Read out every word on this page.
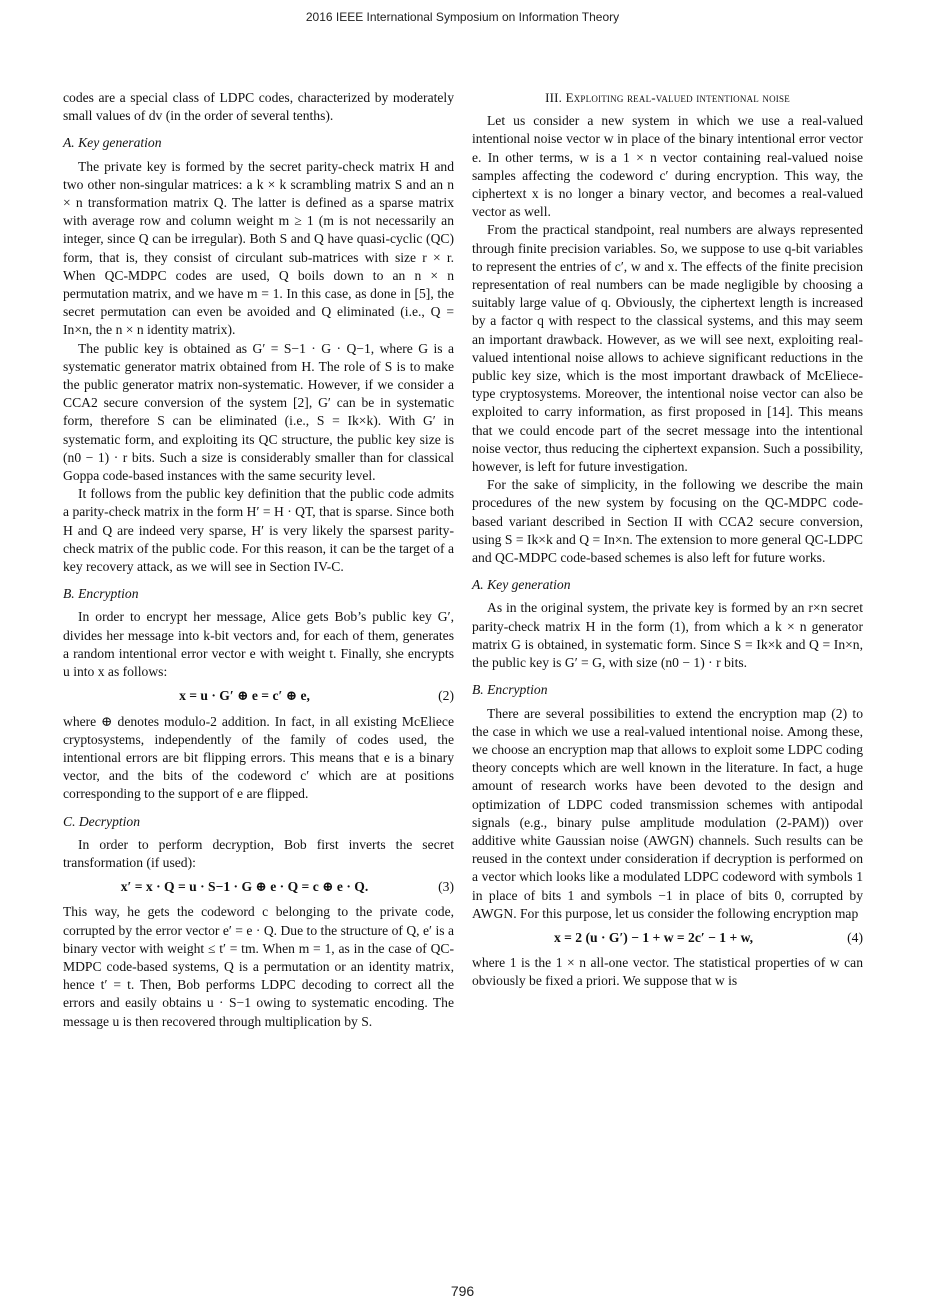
2016 IEEE International Symposium on Information Theory

codes are a special class of LDPC codes, characterized by moderately small values of dv (in the order of several tenths).

A. Key generation

The private key is formed by the secret parity-check matrix H and two other non-singular matrices: a k × k scrambling matrix S and an n × n transformation matrix Q. The latter is defined as a sparse matrix with average row and column weight m ≥ 1 (m is not necessarily an integer, since Q can be irregular). Both S and Q have quasi-cyclic (QC) form, that is, they consist of circulant sub-matrices with size r × r. When QC-MDPC codes are used, Q boils down to an n × n permutation matrix, and we have m = 1. In this case, as done in [5], the secret permutation can even be avoided and Q eliminated (i.e., Q = In×n, the n × n identity matrix).

The public key is obtained as G′ = S−1 · G · Q−1, where G is a systematic generator matrix obtained from H. The role of S is to make the public generator matrix non-systematic. However, if we consider a CCA2 secure conversion of the system [2], G′ can be in systematic form, therefore S can be eliminated (i.e., S = Ik×k). With G′ in systematic form, and exploiting its QC structure, the public key size is (n0 − 1) · r bits. Such a size is considerably smaller than for classical Goppa code-based instances with the same security level.

It follows from the public key definition that the public code admits a parity-check matrix in the form H′ = H · QT, that is sparse. Since both H and Q are indeed very sparse, H′ is very likely the sparsest parity-check matrix of the public code. For this reason, it can be the target of a key recovery attack, as we will see in Section IV-C.

B. Encryption

In order to encrypt her message, Alice gets Bob’s public key G′, divides her message into k-bit vectors and, for each of them, generates a random intentional error vector e with weight t. Finally, she encrypts u into x as follows:

x = u · G′ ⊕ e = c′ ⊕ e,	(2)

where ⊕ denotes modulo-2 addition. In fact, in all existing McEliece cryptosystems, independently of the family of codes used, the intentional errors are bit flipping errors. This means that e is a binary vector, and the bits of the codeword c′ which are at positions corresponding to the support of e are flipped.

C. Decryption

In order to perform decryption, Bob first inverts the secret transformation (if used):

x′ = x · Q = u · S−1 · G ⊕ e · Q = c ⊕ e · Q.	(3)

This way, he gets the codeword c belonging to the private code, corrupted by the error vector e′ = e · Q. Due to the structure of Q, e′ is a binary vector with weight ≤ t′ = tm. When m = 1, as in the case of QC-MDPC code-based systems, Q is a permutation or an identity matrix, hence t′ = t. Then, Bob performs LDPC decoding to correct all the errors and easily obtains u · S−1 owing to systematic encoding. The message u is then recovered through multiplication by S.

III. Exploiting real-valued intentional noise

Let us consider a new system in which we use a real-valued intentional noise vector w in place of the binary intentional error vector e. In other terms, w is a 1 × n vector containing real-valued noise samples affecting the codeword c′ during encryption. This way, the ciphertext x is no longer a binary vector, and becomes a real-valued vector as well.

From the practical standpoint, real numbers are always represented through finite precision variables. So, we suppose to use q-bit variables to represent the entries of c′, w and x. The effects of the finite precision representation of real numbers can be made negligible by choosing a suitably large value of q. Obviously, the ciphertext length is increased by a factor q with respect to the classical systems, and this may seem an important drawback. However, as we will see next, exploiting real-valued intentional noise allows to achieve significant reductions in the public key size, which is the most important drawback of McEliece-type cryptosystems. Moreover, the intentional noise vector can also be exploited to carry information, as first proposed in [14]. This means that we could encode part of the secret message into the intentional noise vector, thus reducing the ciphertext expansion. Such a possibility, however, is left for future investigation.

For the sake of simplicity, in the following we describe the main procedures of the new system by focusing on the QC-MDPC code-based variant described in Section II with CCA2 secure conversion, using S = Ik×k and Q = In×n. The extension to more general QC-LDPC and QC-MDPC code-based schemes is also left for future works.

A. Key generation

As in the original system, the private key is formed by an r×n secret parity-check matrix H in the form (1), from which a k × n generator matrix G is obtained, in systematic form. Since S = Ik×k and Q = In×n, the public key is G′ = G, with size (n0 − 1) · r bits.

B. Encryption

There are several possibilities to extend the encryption map (2) to the case in which we use a real-valued intentional noise. Among these, we choose an encryption map that allows to exploit some LDPC coding theory concepts which are well known in the literature. In fact, a huge amount of research works have been devoted to the design and optimization of LDPC coded transmission schemes with antipodal signals (e.g., binary pulse amplitude modulation (2-PAM)) over additive white Gaussian noise (AWGN) channels. Such results can be reused in the context under consideration if decryption is performed on a vector which looks like a modulated LDPC codeword with symbols 1 in place of bits 1 and symbols −1 in place of bits 0, corrupted by AWGN. For this purpose, let us consider the following encryption map

x = 2 (u · G′) − 1 + w = 2c′ − 1 + w,	(4)

where 1 is the 1 × n all-one vector. The statistical properties of w can obviously be fixed a priori. We suppose that w is

796
